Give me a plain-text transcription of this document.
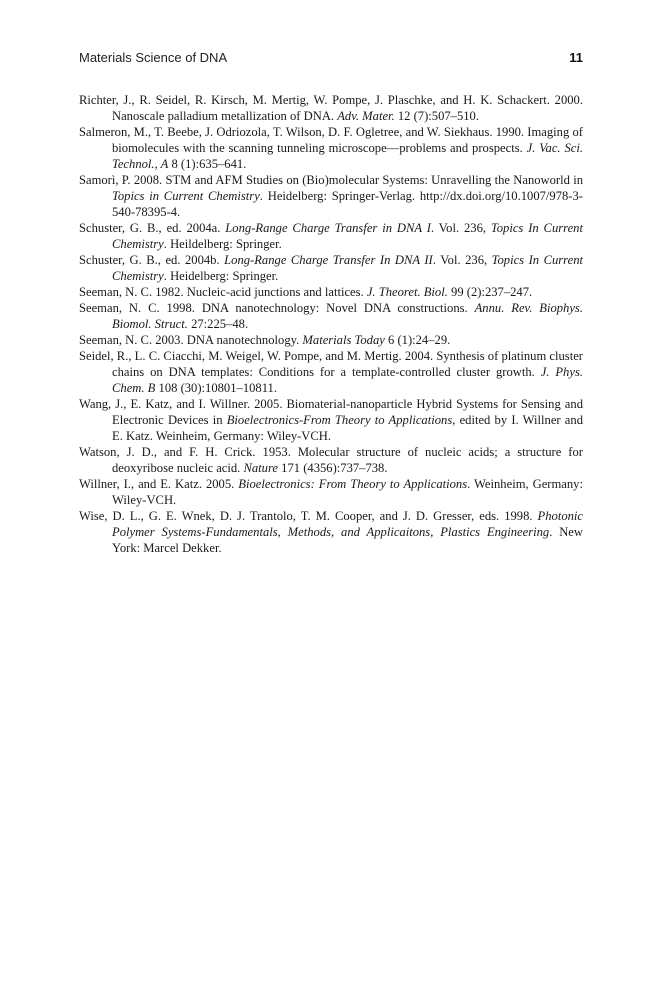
Materials Science of DNA	11
Richter, J., R. Seidel, R. Kirsch, M. Mertig, W. Pompe, J. Plaschke, and H. K. Schackert. 2000. Nanoscale palladium metallization of DNA. Adv. Mater. 12 (7):507–510.
Salmeron, M., T. Beebe, J. Odriozola, T. Wilson, D. F. Ogletree, and W. Siekhaus. 1990. Imaging of biomolecules with the scanning tunneling microscope—problems and prospects. J. Vac. Sci. Technol., A 8 (1):635–641.
Samorì, P. 2008. STM and AFM Studies on (Bio)molecular Systems: Unravelling the Nanoworld in Topics in Current Chemistry. Heidelberg: Springer-Verlag. http://dx.doi.org/10.1007/978-3-540-78395-4.
Schuster, G. B., ed. 2004a. Long-Range Charge Transfer in DNA I. Vol. 236, Topics In Current Chemistry. Heildelberg: Springer.
Schuster, G. B., ed. 2004b. Long-Range Charge Transfer In DNA II. Vol. 236, Topics In Current Chemistry. Heidelberg: Springer.
Seeman, N. C. 1982. Nucleic-acid junctions and lattices. J. Theoret. Biol. 99 (2):237–247.
Seeman, N. C. 1998. DNA nanotechnology: Novel DNA constructions. Annu. Rev. Biophys. Biomol. Struct. 27:225–48.
Seeman, N. C. 2003. DNA nanotechnology. Materials Today 6 (1):24–29.
Seidel, R., L. C. Ciacchi, M. Weigel, W. Pompe, and M. Mertig. 2004. Synthesis of platinum cluster chains on DNA templates: Conditions for a template-controlled cluster growth. J. Phys. Chem. B 108 (30):10801–10811.
Wang, J., E. Katz, and I. Willner. 2005. Biomaterial-nanoparticle Hybrid Systems for Sensing and Electronic Devices in Bioelectronics-From Theory to Applications, edited by I. Willner and E. Katz. Weinheim, Germany: Wiley-VCH.
Watson, J. D., and F. H. Crick. 1953. Molecular structure of nucleic acids; a structure for deoxyribose nucleic acid. Nature 171 (4356):737–738.
Willner, I., and E. Katz. 2005. Bioelectronics: From Theory to Applications. Weinheim, Germany: Wiley-VCH.
Wise, D. L., G. E. Wnek, D. J. Trantolo, T. M. Cooper, and J. D. Gresser, eds. 1998. Photonic Polymer Systems-Fundamentals, Methods, and Applicaitons, Plastics Engineering. New York: Marcel Dekker.
